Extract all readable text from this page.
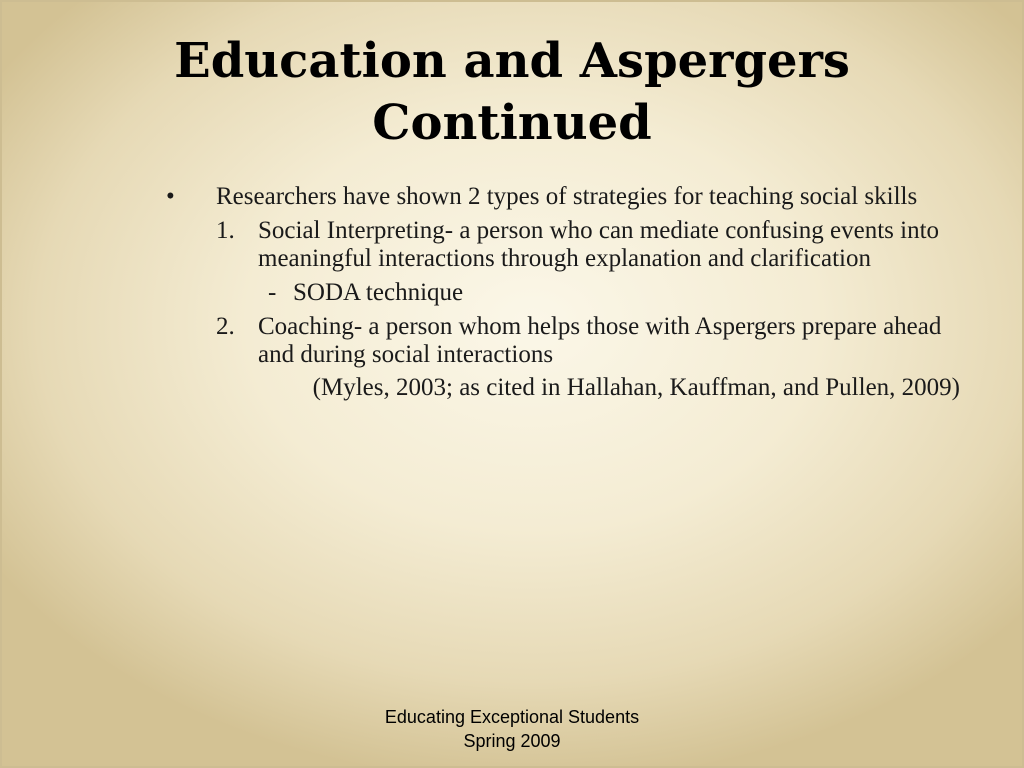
Education and Aspergers
Continued
• Researchers have shown 2 types of strategies for teaching social skills
1. Social Interpreting- a person who can mediate confusing events into meaningful interactions through explanation and clarification
- SODA technique
2. Coaching- a person whom helps those with Aspergers prepare ahead and during social interactions
(Myles, 2003; as cited in Hallahan, Kauffman, and Pullen, 2009)
Educating Exceptional Students
Spring 2009
